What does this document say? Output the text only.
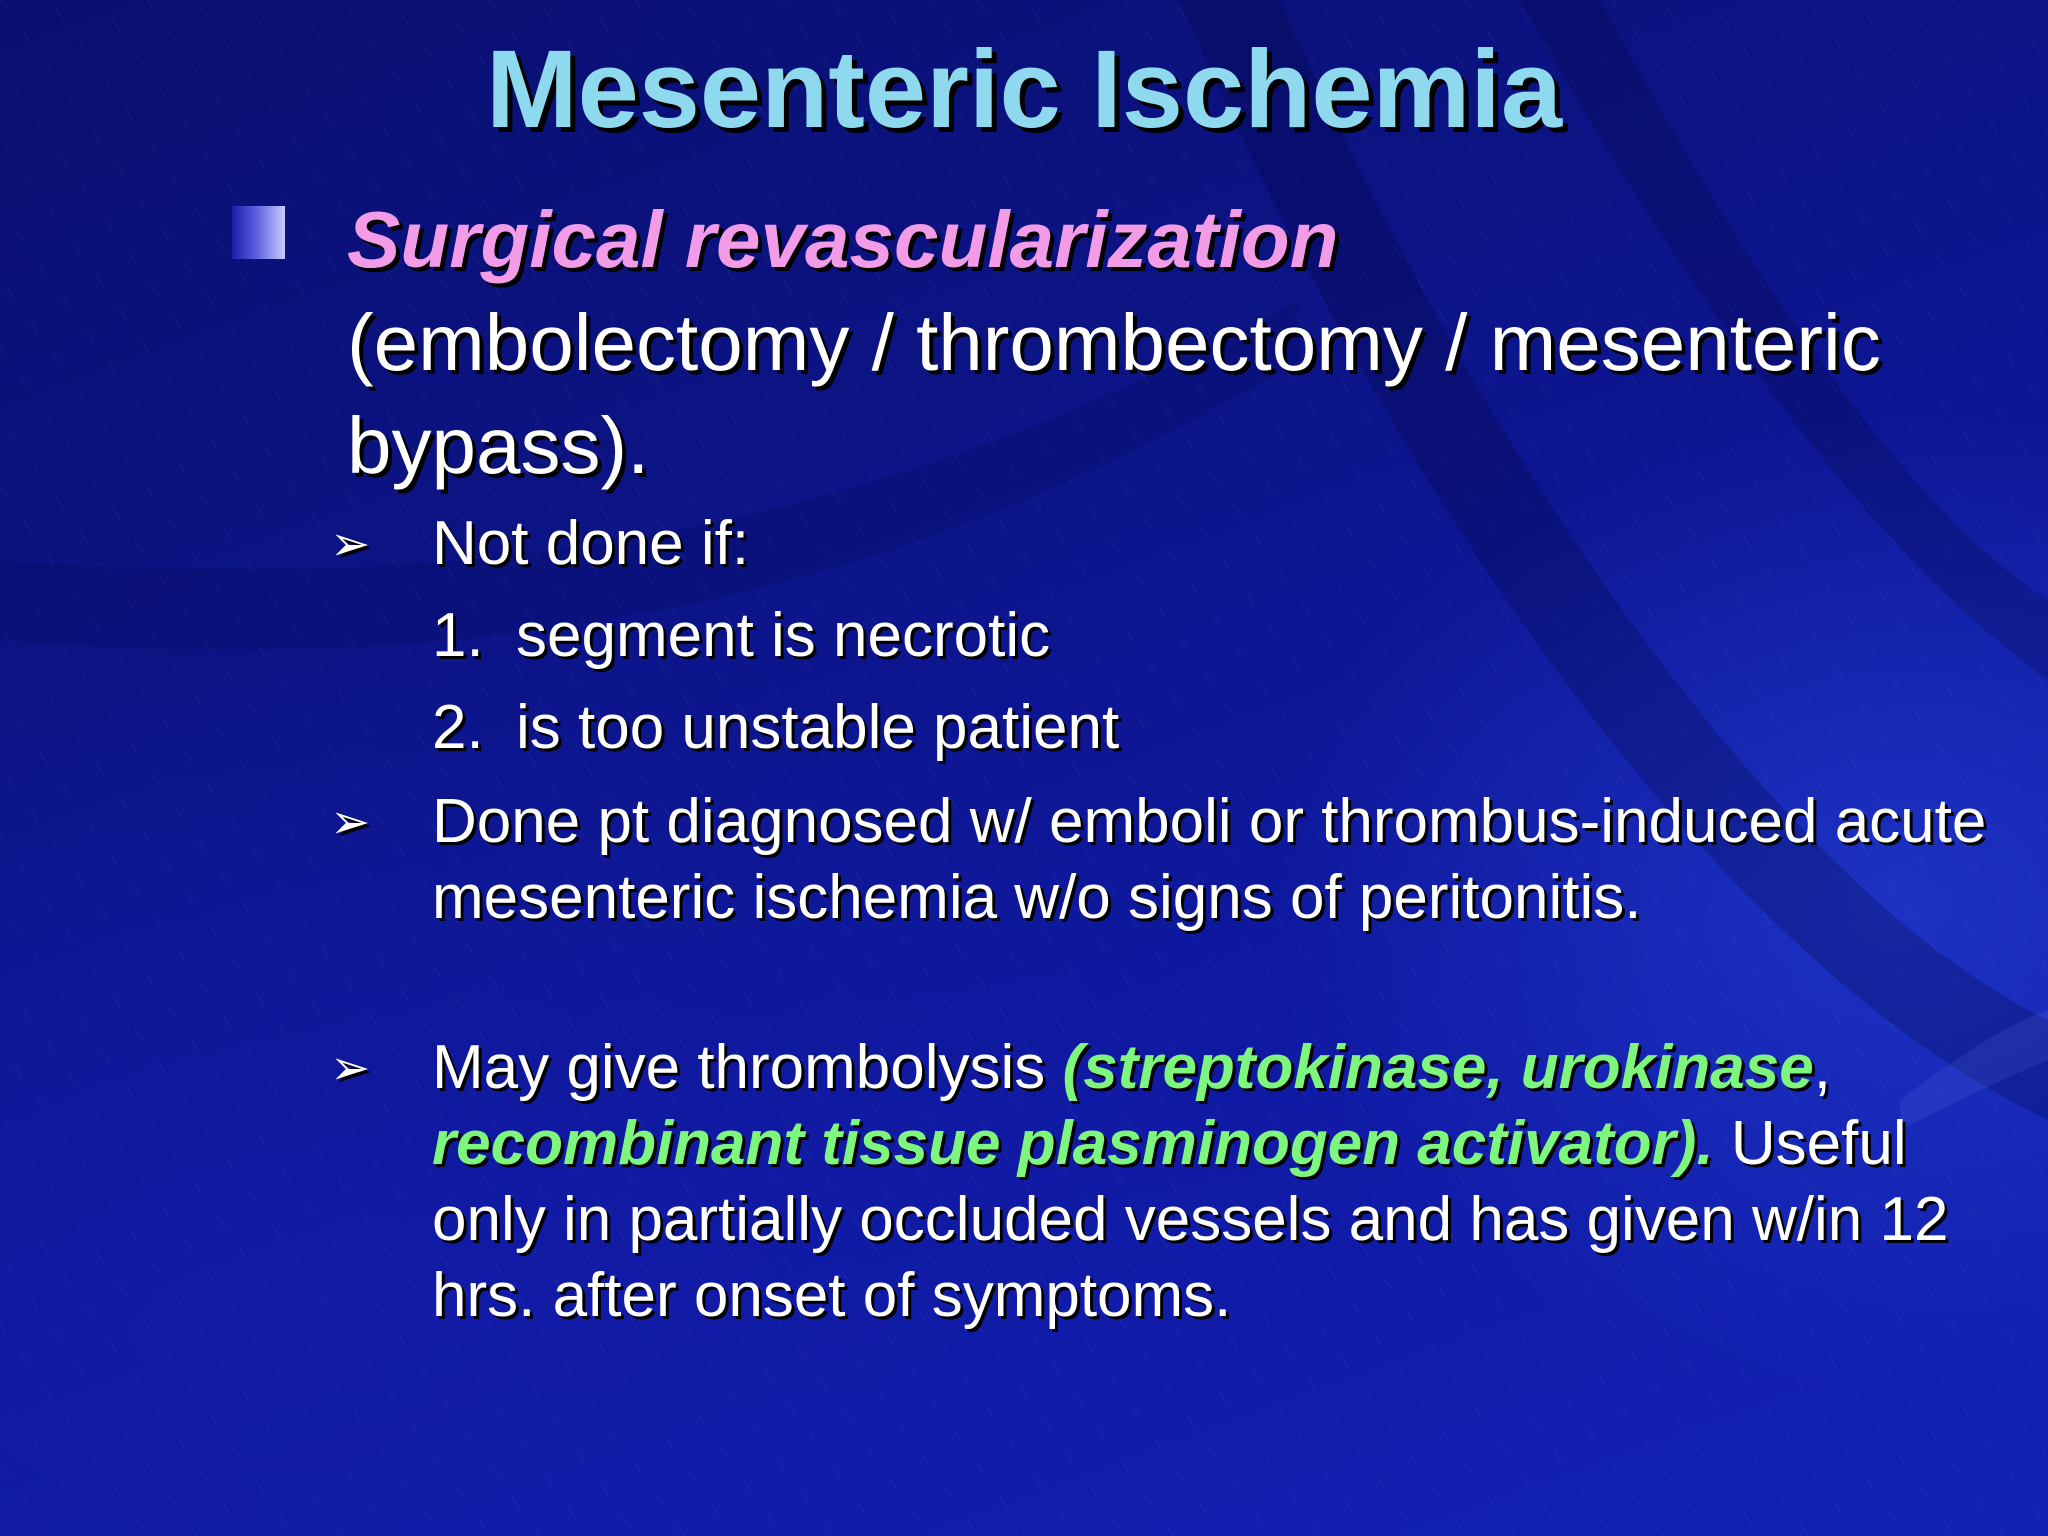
Mesenteric Ischemia
Surgical revascularization
(embolectomy / thrombectomy / mesenteric bypass).
➢ Not done if:
1. segment is necrotic
2. is too unstable patient
➢ Done pt diagnosed w/ emboli or thrombus-induced acute mesenteric ischemia w/o signs of peritonitis.
➢ May give thrombolysis (streptokinase, urokinase, recombinant tissue plasminogen activator). Useful only in partially occluded vessels and has given w/in 12 hrs. after onset of symptoms.
